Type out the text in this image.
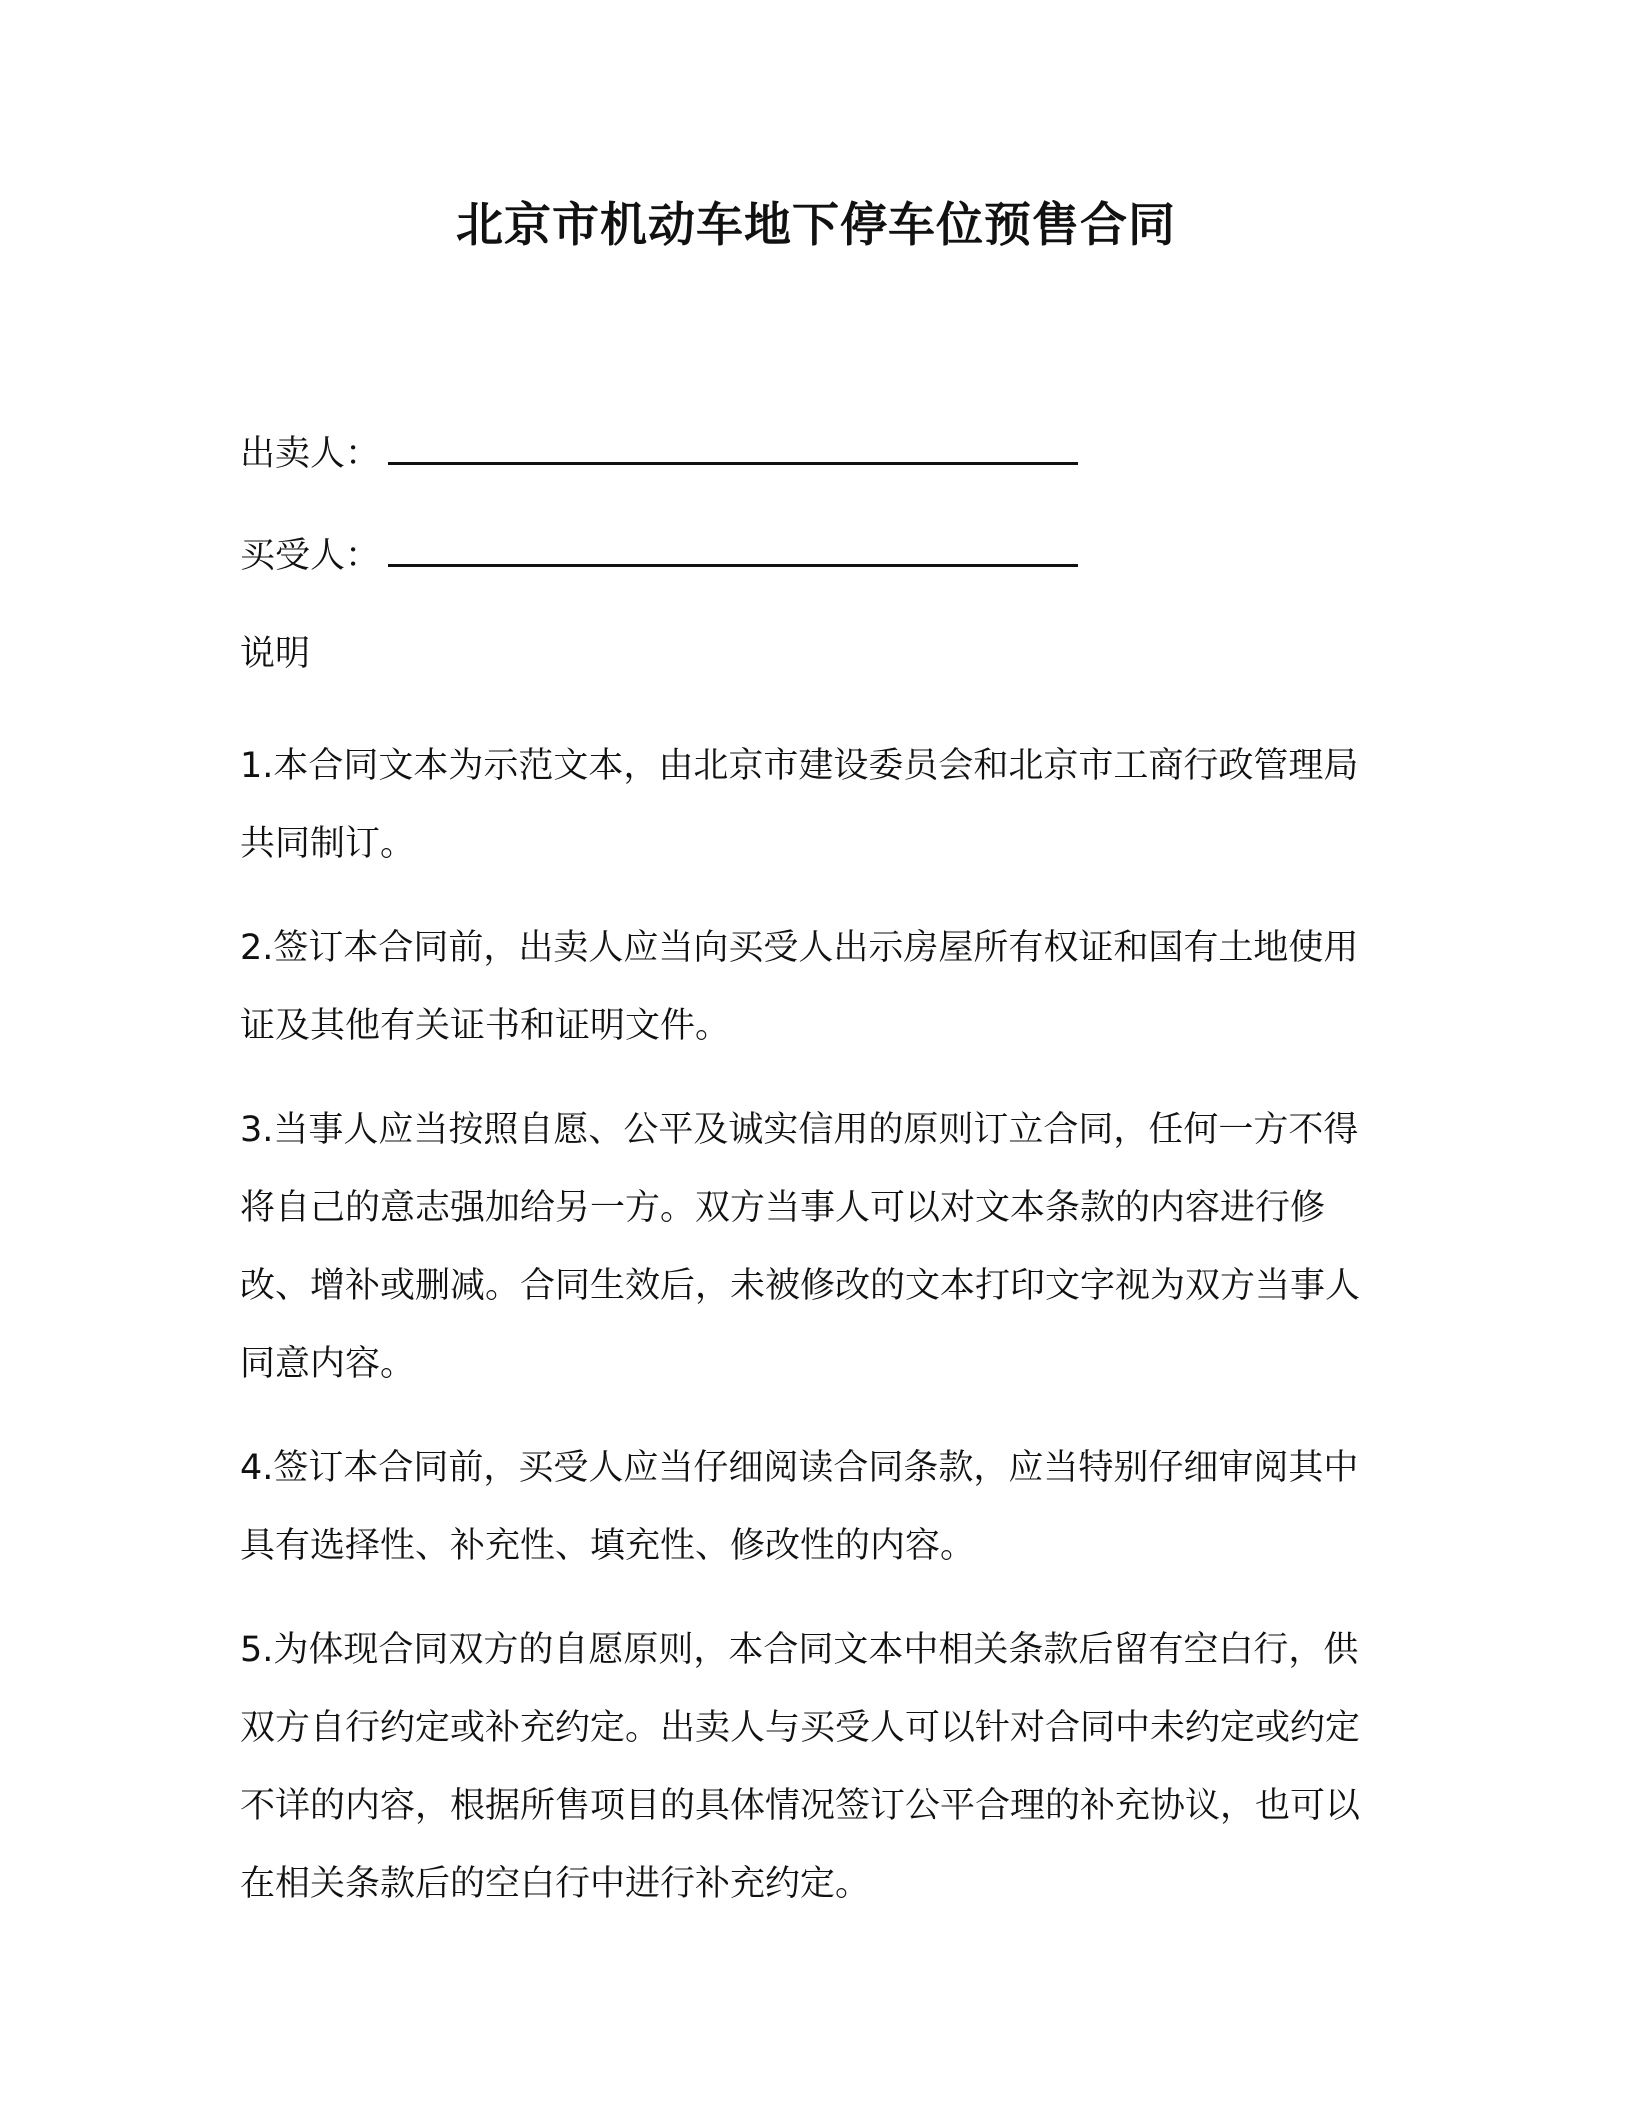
北京市机动车地下停车位预售合同
出卖人：
买受人：
说明

1.本合同文本为示范文本，由北京市建设委员会和北京市工商行政管理局共同制订。

2.签订本合同前，出卖人应当向买受人出示房屋所有权证和国有土地使用证及其他有关证书和证明文件。

3.当事人应当按照自愿、公平及诚实信用的原则订立合同，任何一方不得将自己的意志强加给另一方。双方当事人可以对文本条款的内容进行修改、增补或删减。合同生效后，未被修改的文本打印文字视为双方当事人同意内容。

4.签订本合同前，买受人应当仔细阅读合同条款，应当特别仔细审阅其中具有选择性、补充性、填充性、修改性的内容。

5.为体现合同双方的自愿原则，本合同文本中相关条款后留有空白行，供双方自行约定或补充约定。出卖人与买受人可以针对合同中未约定或约定不详的内容，根据所售项目的具体情况签订公平合理的补充协议，也可以在相关条款后的空白行中进行补充约定。
